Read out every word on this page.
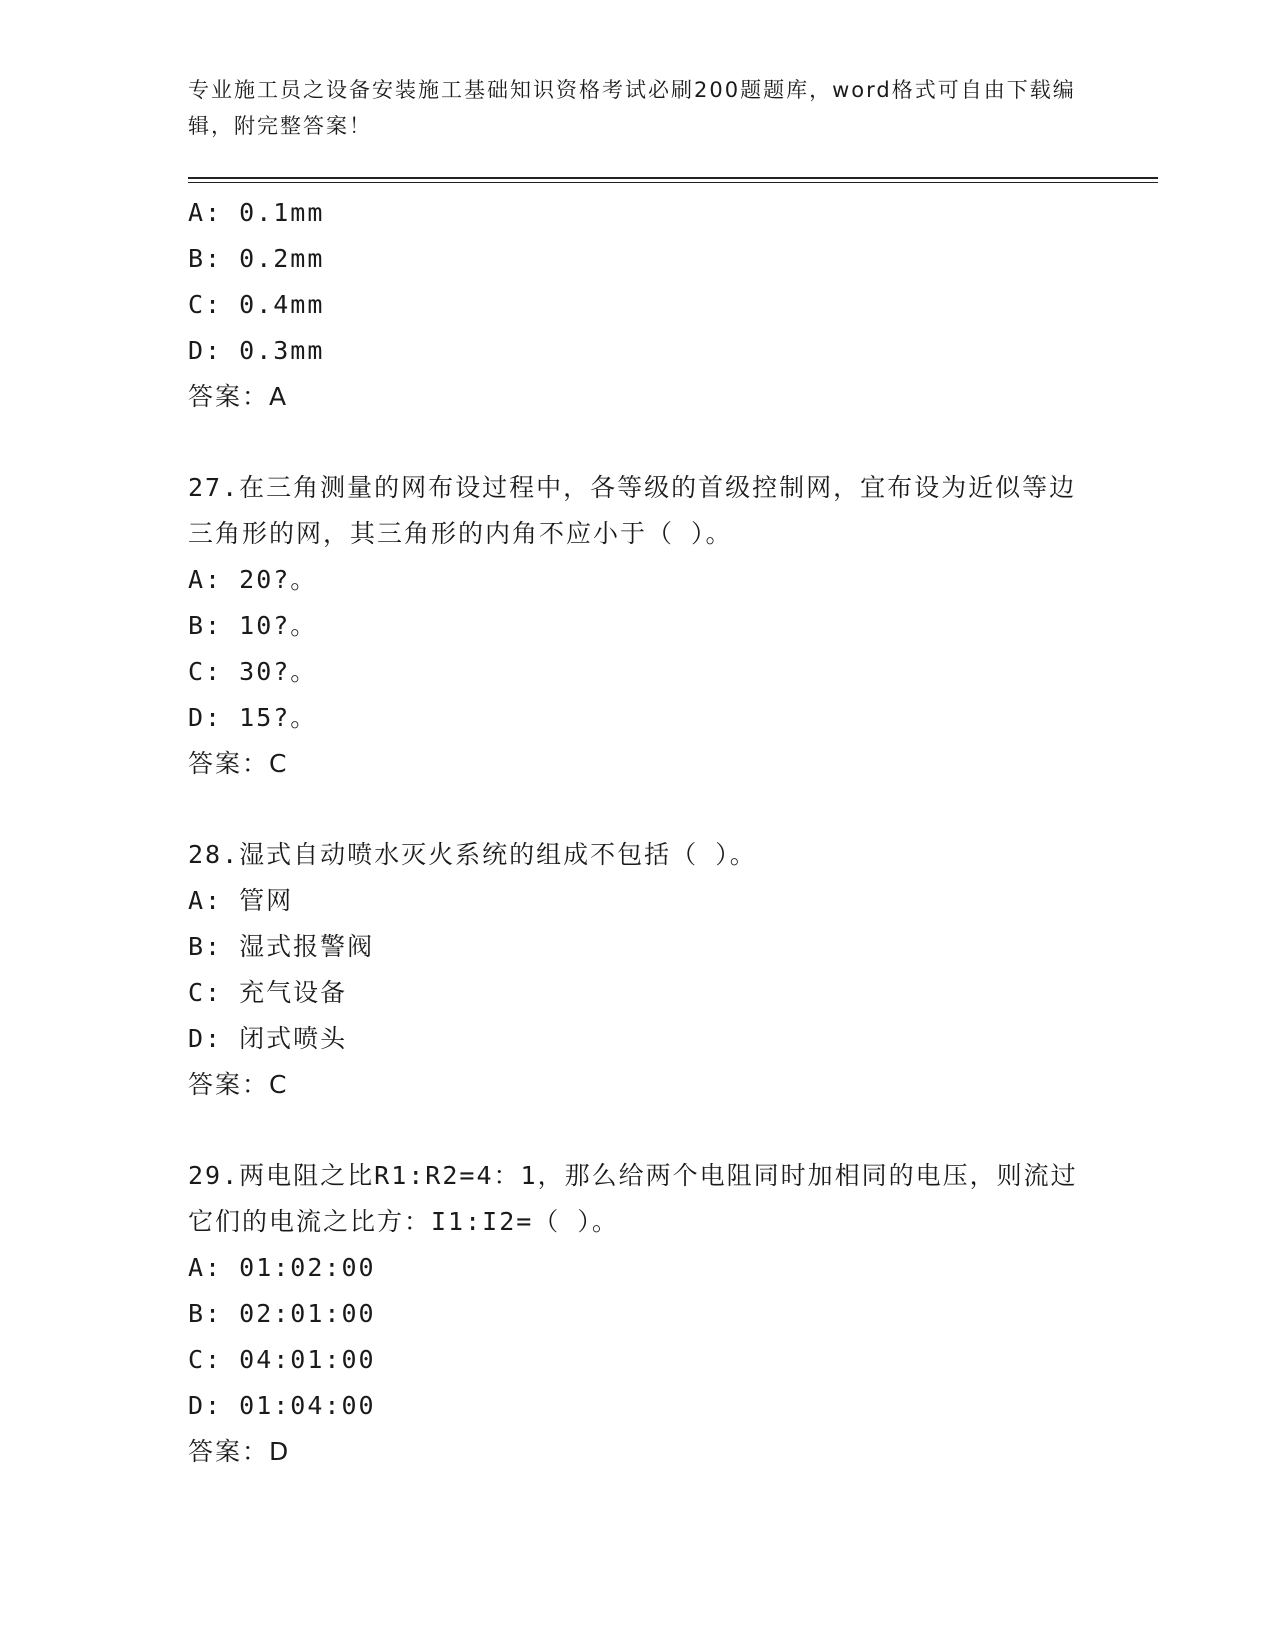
专业施工员之设备安装施工基础知识资格考试必刷200题题库，word格式可自由下载编辑，附完整答案！
A: 0.1mm
B: 0.2mm
C: 0.4mm
D: 0.3mm
答案：A
27.在三角测量的网布设过程中，各等级的首级控制网，宜布设为近似等边三角形的网，其三角形的内角不应小于（ ）。
A: 20?。
B: 10?。
C: 30?。
D: 15?。
答案：C
28.湿式自动喷水灭火系统的组成不包括（ ）。
A: 管网
B: 湿式报警阀
C: 充气设备
D: 闭式喷头
答案：C
29.两电阻之比R1:R2=4：1，那么给两个电阻同时加相同的电压，则流过它们的电流之比方：I1:I2=（ ）。
A: 01:02:00
B: 02:01:00
C: 04:01:00
D: 01:04:00
答案：D
